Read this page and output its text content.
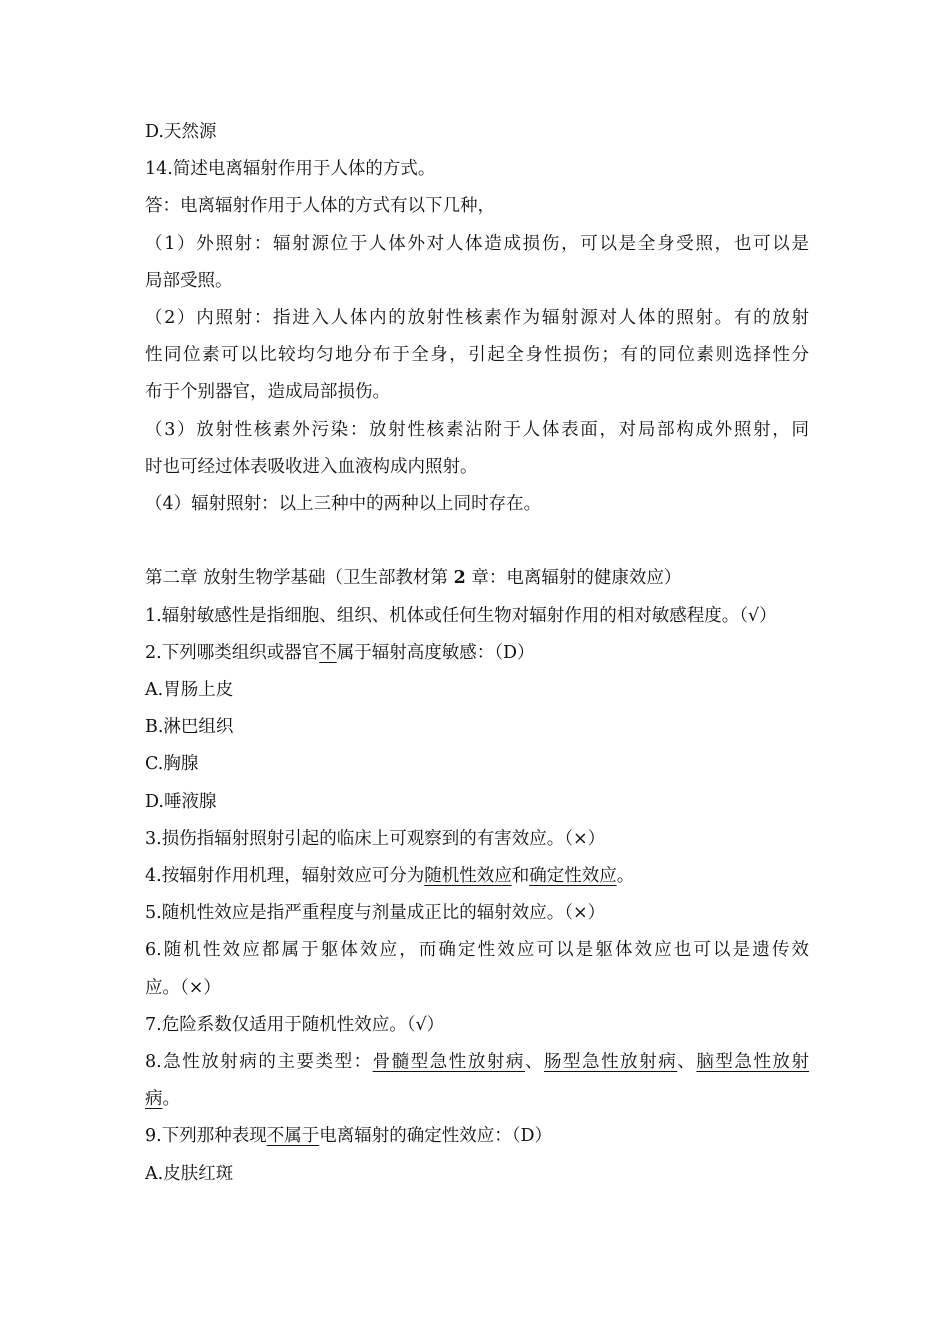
D.天然源

14.简述电离辐射作用于人体的方式。

答：电离辐射作用于人体的方式有以下几种，

（1）外照射：辐射源位于人体外对人体造成损伤，可以是全身受照，也可以是

局部受照。

（2）内照射：指进入人体内的放射性核素作为辐射源对人体的照射。有的放射

性同位素可以比较均匀地分布于全身，引起全身性损伤；有的同位素则选择性分

布于个别器官，造成局部损伤。

（3）放射性核素外污染：放射性核素沾附于人体表面，对局部构成外照射，同

时也可经过体表吸收进入血液构成内照射。

（4）辐射照射：以上三种中的两种以上同时存在。

第二章 放射生物学基础（卫生部教材第 2 章：电离辐射的健康效应）

1.辐射敏感性是指细胞、组织、机体或任何生物对辐射作用的相对敏感程度。（√）

2.下列哪类组织或器官不属于辐射高度敏感：（D）

A.胃肠上皮

B.淋巴组织

C.胸腺

D.唾液腺

3.损伤指辐射照射引起的临床上可观察到的有害效应。（×）

4.按辐射作用机理，辐射效应可分为随机性效应和确定性效应。

5.随机性效应是指严重程度与剂量成正比的辐射效应。（×）

6.随机性效应都属于躯体效应，而确定性效应可以是躯体效应也可以是遗传效

应。（×）

7.危险系数仅适用于随机性效应。（√）

8.急性放射病的主要类型：骨髓型急性放射病、肠型急性放射病、脑型急性放射

病。

9.下列那种表现不属于电离辐射的确定性效应：（D）

A.皮肤红斑
